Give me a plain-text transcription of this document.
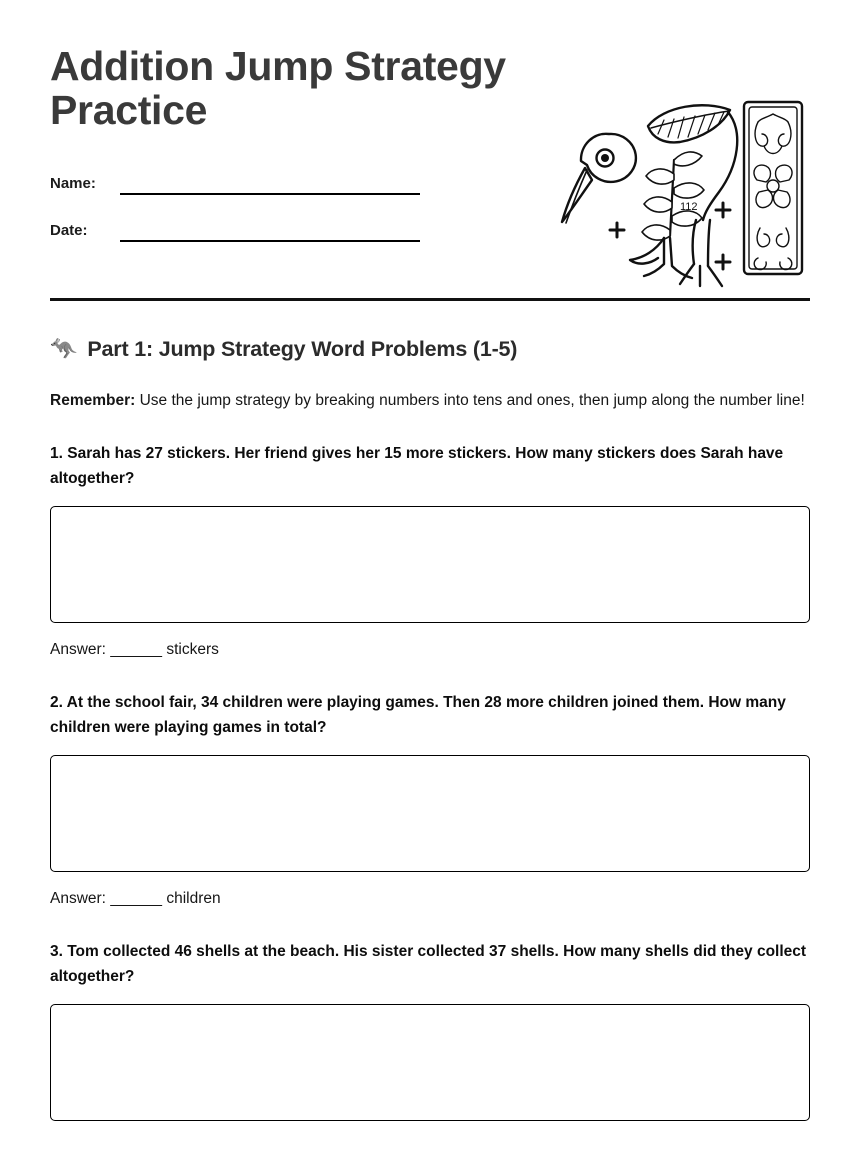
Addition Jump Strategy Practice
Name:
Date:
112
🦘 Part 1: Jump Strategy Word Problems (1-5)

Remember: Use the jump strategy by breaking numbers into tens and ones, then jump along the number line!

1. Sarah has 27 stickers. Her friend gives her 15 more stickers. How many stickers does Sarah have altogether?

Answer: ______ stickers

2. At the school fair, 34 children were playing games. Then 28 more children joined them. How many children were playing games in total?

Answer: ______ children

3. Tom collected 46 shells at the beach. His sister collected 37 shells. How many shells did they collect altogether?
